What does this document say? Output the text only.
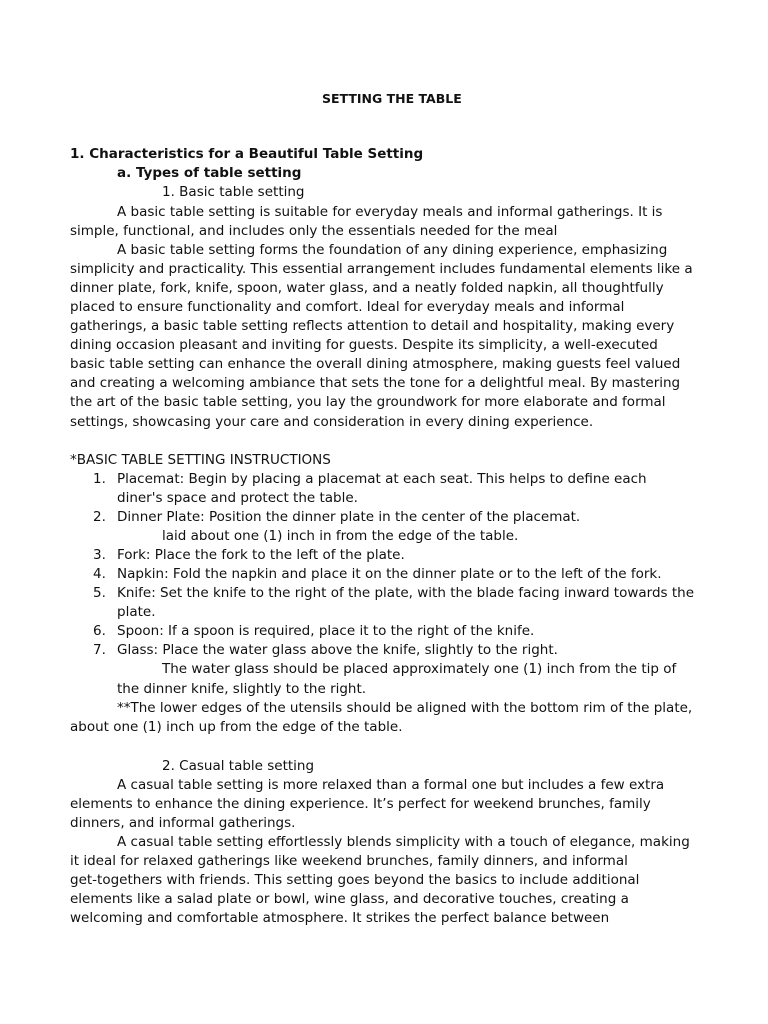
SETTING THE TABLE

1. Characteristics for a Beautiful Table Setting

a. Types of table setting

1. Basic table setting

A basic table setting is suitable for everyday meals and informal gatherings. It is

simple, functional, and includes only the essentials needed for the meal

A basic table setting forms the foundation of any dining experience, emphasizing

simplicity and practicality. This essential arrangement includes fundamental elements like a

dinner plate, fork, knife, spoon, water glass, and a neatly folded napkin, all thoughtfully

placed to ensure functionality and comfort. Ideal for everyday meals and informal

gatherings, a basic table setting reflects attention to detail and hospitality, making every

dining occasion pleasant and inviting for guests. Despite its simplicity, a well-executed

basic table setting can enhance the overall dining atmosphere, making guests feel valued

and creating a welcoming ambiance that sets the tone for a delightful meal. By mastering

the art of the basic table setting, you lay the groundwork for more elaborate and formal

settings, showcasing your care and consideration in every dining experience.

*BASIC TABLE SETTING INSTRUCTIONS

1. Placemat: Begin by placing a placemat at each seat. This helps to define each

diner's space and protect the table.

2. Dinner Plate: Position the dinner plate in the center of the placemat.

laid about one (1) inch in from the edge of the table.

3. Fork: Place the fork to the left of the plate.

4. Napkin: Fold the napkin and place it on the dinner plate or to the left of the fork.

5. Knife: Set the knife to the right of the plate, with the blade facing inward towards the

plate.

6. Spoon: If a spoon is required, place it to the right of the knife.

7. Glass: Place the water glass above the knife, slightly to the right.

The water glass should be placed approximately one (1) inch from the tip of

the dinner knife, slightly to the right.

**The lower edges of the utensils should be aligned with the bottom rim of the plate,

about one (1) inch up from the edge of the table.

2. Casual table setting

A casual table setting is more relaxed than a formal one but includes a few extra

elements to enhance the dining experience. It’s perfect for weekend brunches, family

dinners, and informal gatherings.

A casual table setting effortlessly blends simplicity with a touch of elegance, making

it ideal for relaxed gatherings like weekend brunches, family dinners, and informal

get-togethers with friends. This setting goes beyond the basics to include additional

elements like a salad plate or bowl, wine glass, and decorative touches, creating a

welcoming and comfortable atmosphere. It strikes the perfect balance between
